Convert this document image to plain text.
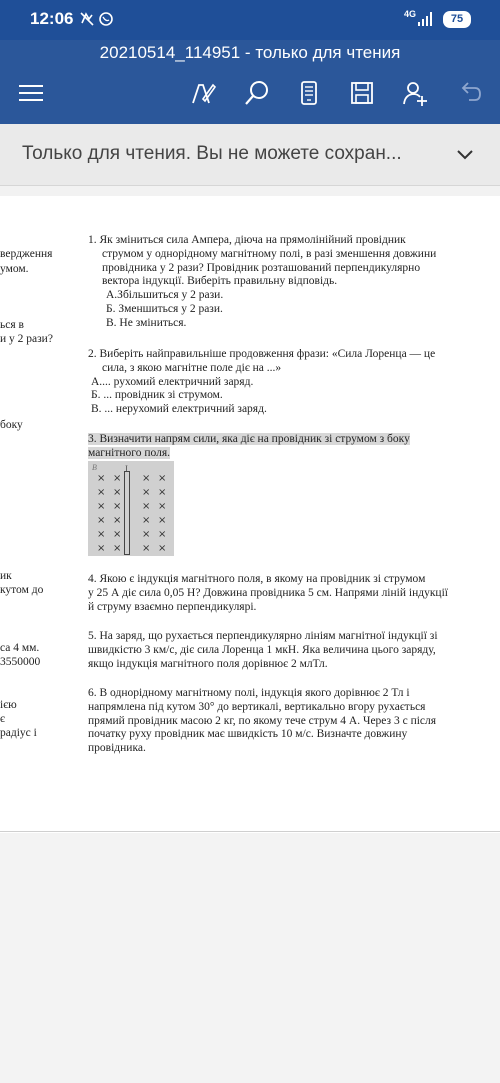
12:06	4G	75
20210514_114951 - только для чтения
Только для чтения. Вы не можете сохран...
вердження
умом.
ься в
и у 2 рази?
боку
ик
кутом до
са 4 мм.
3550000
ією
є
радіус і

1. Як зміниться сила Ампера, діюча на прямолінійний провідник

струмом у однорідному магнітному полі, в разі зменшення довжини

провідника у 2 рази? Провідник розташований перпендикулярно

вектора індукції. Виберіть правильну відповідь.

А.Збільшиться у 2 рази.

Б. Зменшиться у 2 рази.

В. Не зміниться.

2. Виберіть найправильніше продовження фрази: «Сила Лоренца — це

сила, з якою магнітне поле діє на ...»

А.... рухомий електричний заряд.

Б. ... провідник зі струмом.

В. ... нерухомий електричний заряд.

3. Визначити напрям сили, яка діє на провідник зі струмом з боку

магнітного поля.

B	I
× × × ×
× × × ×
× × × ×
× × × ×
× × × ×
× × × ×

4. Якою є індукція магнітного поля, в якому на провідник зі струмом

у 25 А діє сила 0,05 Н? Довжина провідника 5 см. Напрями ліній індукції

й струму взаємно перпендикулярі.

5. На заряд, що рухається перпендикулярно лініям магнітної індукції зі

швидкістю 3 км/с, діє сила Лоренца 1 мкН. Яка величина цього заряду,

якщо індукція магнітного поля дорівнює 2 млТл.

6. В однорідному магнітному полі, індукція якого дорівнює 2 Тл і

напрямлена під кутом 30° до вертикалі, вертикально вгору рухається

прямий провідник масою 2 кг, по якому тече струм 4 А. Через 3 с після

початку руху провідник має швидкість 10 м/с. Визначте довжину

провідника.
